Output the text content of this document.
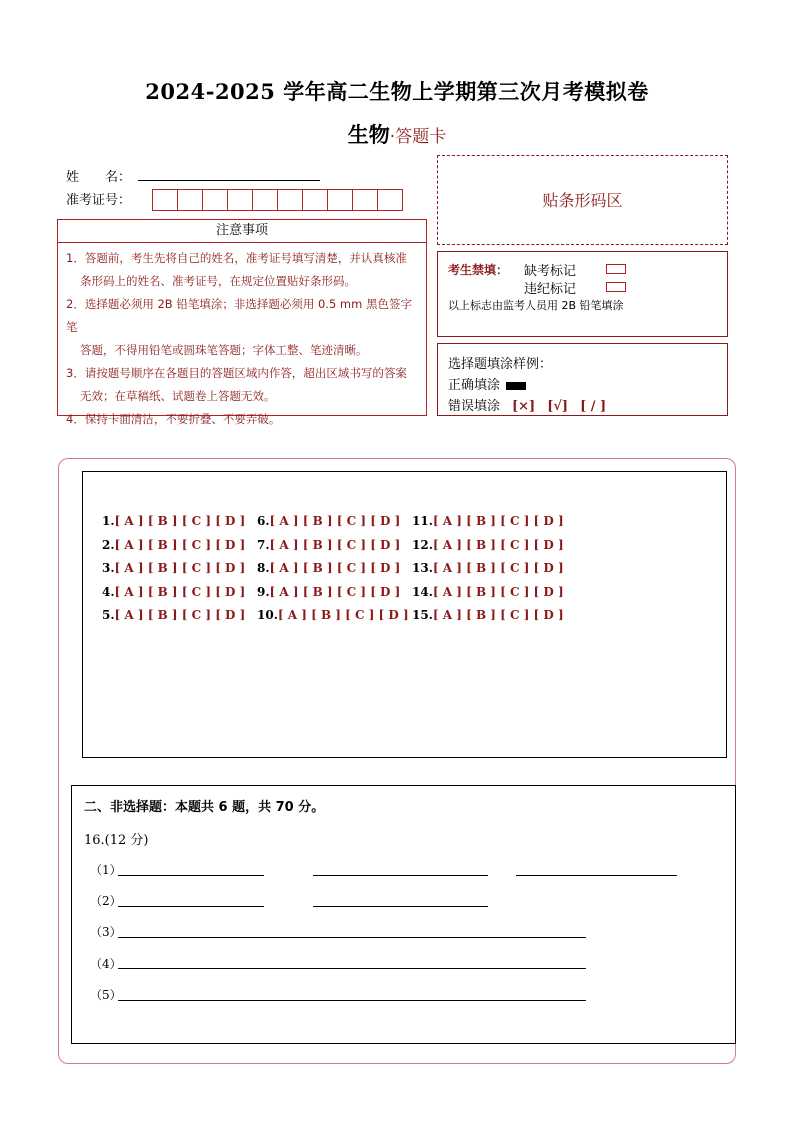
2024-2025 学年高二生物上学期第三次月考模拟卷
生物·答题卡
姓　　名：
准考证号：	贴条形码区
注意事项

1．答题前，考生先将自己的姓名，准考证号填写清楚，并认真核准

条形码上的姓名、准考证号，在规定位置贴好条形码。

2．选择题必须用 2B 铅笔填涂；非选择题必须用 0.5 mm 黑色签字笔

答题，不得用铅笔或圆珠笔答题；字体工整、笔迹清晰。

3．请按题号顺序在各题目的答题区域内作答，超出区域书写的答案

无效；在草稿纸、试题卷上答题无效。

4．保持卡面清洁，不要折叠、不要弄破。

考生禁填： 缺考标记
违纪标记
以上标志由监考人员用 2B 铅笔填涂
选择题填涂样例：
正确填涂
错误填涂 [×] [√] [ / ]
1.[ A ] [ B ] [ C ] [ D ]
2.[ A ] [ B ] [ C ] [ D ]
3.[ A ] [ B ] [ C ] [ D ]
4.[ A ] [ B ] [ C ] [ D ]
5.[ A ] [ B ] [ C ] [ D ]
6.[ A ] [ B ] [ C ] [ D ]
7.[ A ] [ B ] [ C ] [ D ]
8.[ A ] [ B ] [ C ] [ D ]
9.[ A ] [ B ] [ C ] [ D ]
10.[ A ] [ B ] [ C ] [ D ]
11.[ A ] [ B ] [ C ] [ D ]
12.[ A ] [ B ] [ C ] [ D ]
13.[ A ] [ B ] [ C ] [ D ]
14.[ A ] [ B ] [ C ] [ D ]
15.[ A ] [ B ] [ C ] [ D ]
二、非选择题：本题共 6 题，共 70 分。
16.(12 分)
（1）
（2）
（3）
（4）
（5）
